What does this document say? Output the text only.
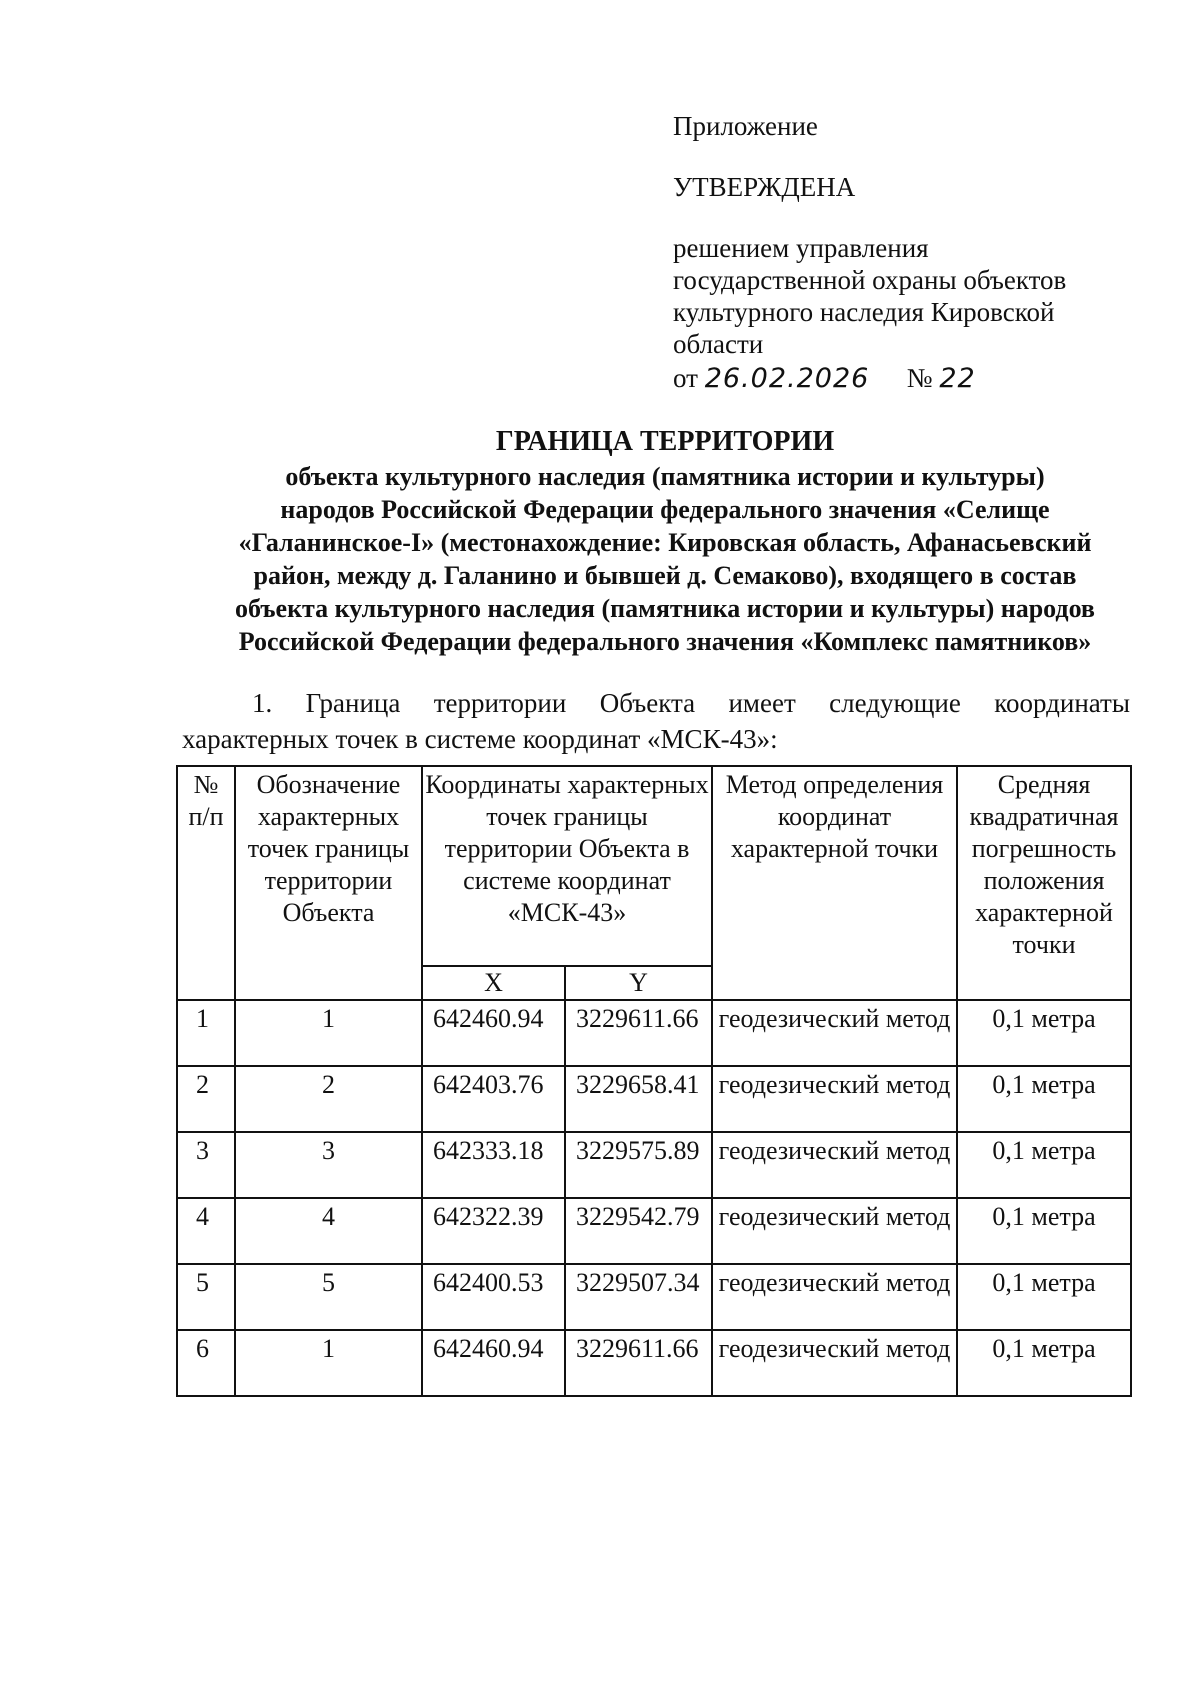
Приложение
УТВЕРЖДЕНА
решением управления
государственной охраны объектов
культурного наследия Кировской
области
от 26.02.2026 № 22
ГРАНИЦА ТЕРРИТОРИИ
объекта культурного наследия (памятника истории и культуры)
народов Российской Федерации федерального значения «Селище
«Галанинское-I» (местонахождение: Кировская область, Афанасьевский
район, между д. Галанино и бывшей д. Семаково), входящего в состав
объекта культурного наследия (памятника истории и культуры) народов
Российской Федерации федерального значения «Комплекс памятников»
1. Граница территории Объекта имеет следующие координаты
характерных точек в системе координат «МСК-43»:
№ п/п	Обозначение характерных точек границы территории Объекта	Координаты характерных точек границы территории Объекта в системе координат «МСК-43»		Метод определения координат характерной точки	Средняя квадратичная погрешность положения характерной точки
		X	Y		
1	1	642460.94	3229611.66	геодезический метод	0,1 метра
2	2	642403.76	3229658.41	геодезический метод	0,1 метра
3	3	642333.18	3229575.89	геодезический метод	0,1 метра
4	4	642322.39	3229542.79	геодезический метод	0,1 метра
5	5	642400.53	3229507.34	геодезический метод	0,1 метра
6	1	642460.94	3229611.66	геодезический метод	0,1 метра
